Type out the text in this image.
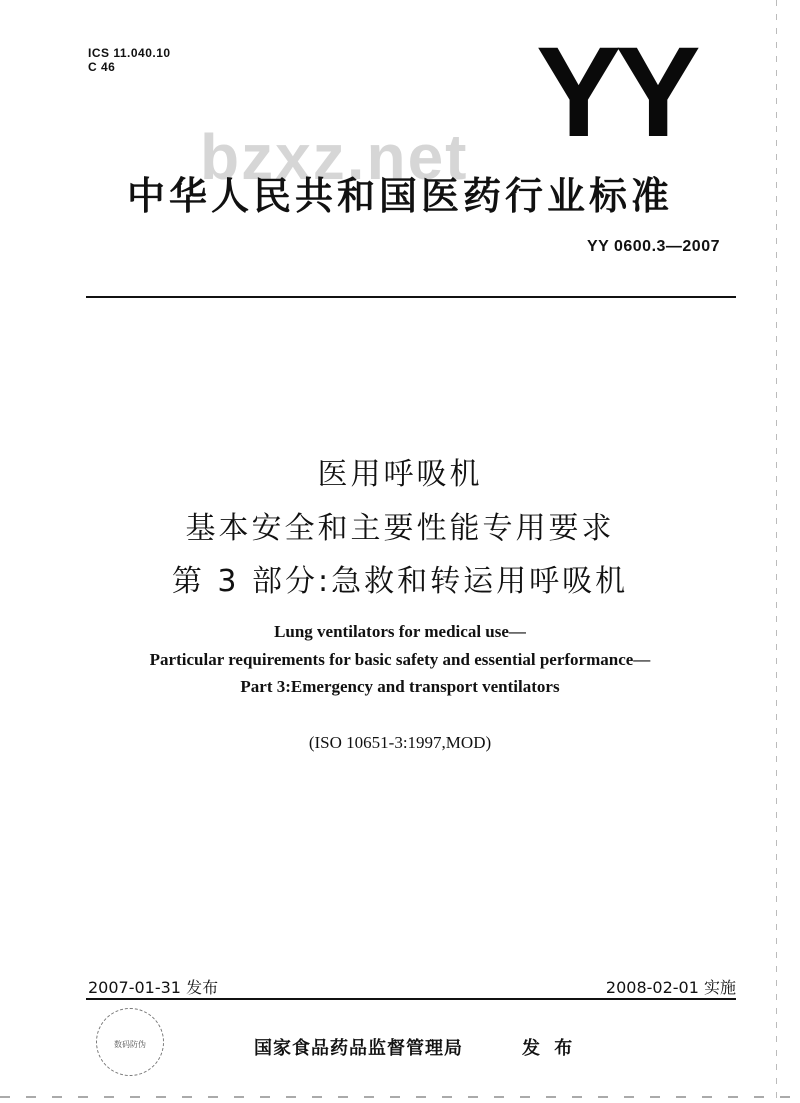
ICS 11.040.10
C 46	YY
bzxz.net
中华人民共和国医药行业标准
YY 0600.3—2007
医用呼吸机
基本安全和主要性能专用要求
第 3 部分:急救和转运用呼吸机
Lung ventilators for medical use—
Particular requirements for basic safety and essential performance—
Part 3:Emergency and transport ventilators
(ISO 10651-3:1997,MOD)
2007-01-31 发布	2008-02-01 实施
数码防伪	国家食品药品监督管理局	发 布
